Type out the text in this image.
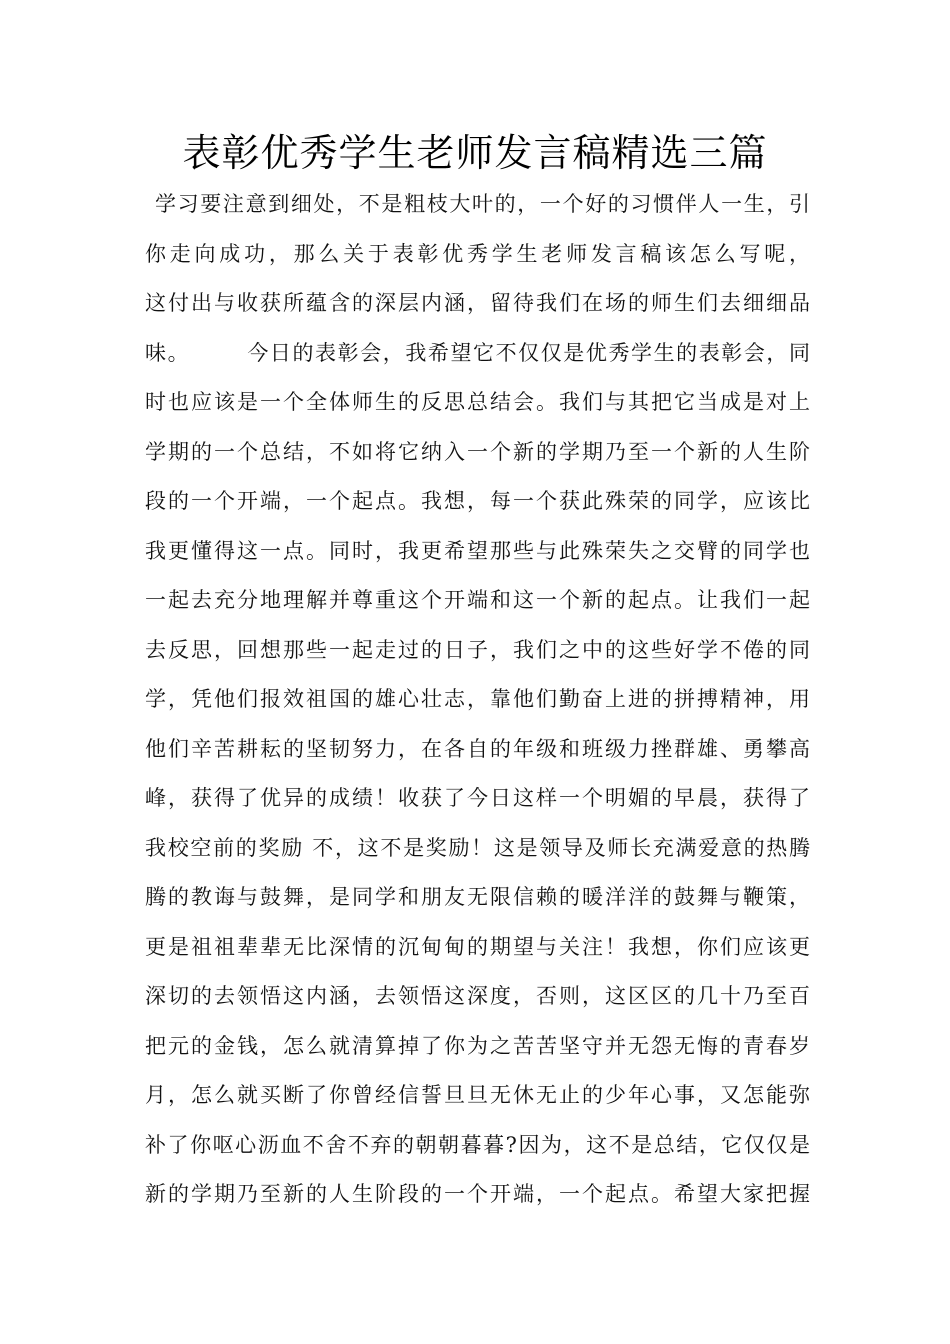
表彰优秀学生老师发言稿精选三篇
学习要注意到细处，不是粗枝大叶的，一个好的习惯伴人一生，引
你走向成功，那么关于表彰优秀学生老师发言稿该怎么写呢，
这付出与收获所蕴含的深层内涵，留待我们在场的师生们去细细品
味。　　　今日的表彰会，我希望它不仅仅是优秀学生的表彰会，同
时也应该是一个全体师生的反思总结会。我们与其把它当成是对上
学期的一个总结，不如将它纳入一个新的学期乃至一个新的人生阶
段的一个开端，一个起点。我想，每一个获此殊荣的同学，应该比
我更懂得这一点。同时，我更希望那些与此殊荣失之交臂的同学也
一起去充分地理解并尊重这个开端和这一个新的起点。让我们一起
去反思，回想那些一起走过的日子，我们之中的这些好学不倦的同
学，凭他们报效祖国的雄心壮志，靠他们勤奋上进的拼搏精神，用
他们辛苦耕耘的坚韧努力，在各自的年级和班级力挫群雄、勇攀高
峰，获得了优异的成绩！收获了今日这样一个明媚的早晨，获得了
我校空前的奖励 不，这不是奖励！这是领导及师长充满爱意的热腾
腾的教诲与鼓舞，是同学和朋友无限信赖的暖洋洋的鼓舞与鞭策，
更是祖祖辈辈无比深情的沉甸甸的期望与关注！我想，你们应该更
深切的去领悟这内涵，去领悟这深度，否则，这区区的几十乃至百
把元的金钱，怎么就清算掉了你为之苦苦坚守并无怨无悔的青春岁
月，怎么就买断了你曾经信誓旦旦无休无止的少年心事，又怎能弥
补了你呕心沥血不舍不弃的朝朝暮暮?因为，这不是总结，它仅仅是
新的学期乃至新的人生阶段的一个开端，一个起点。希望大家把握
